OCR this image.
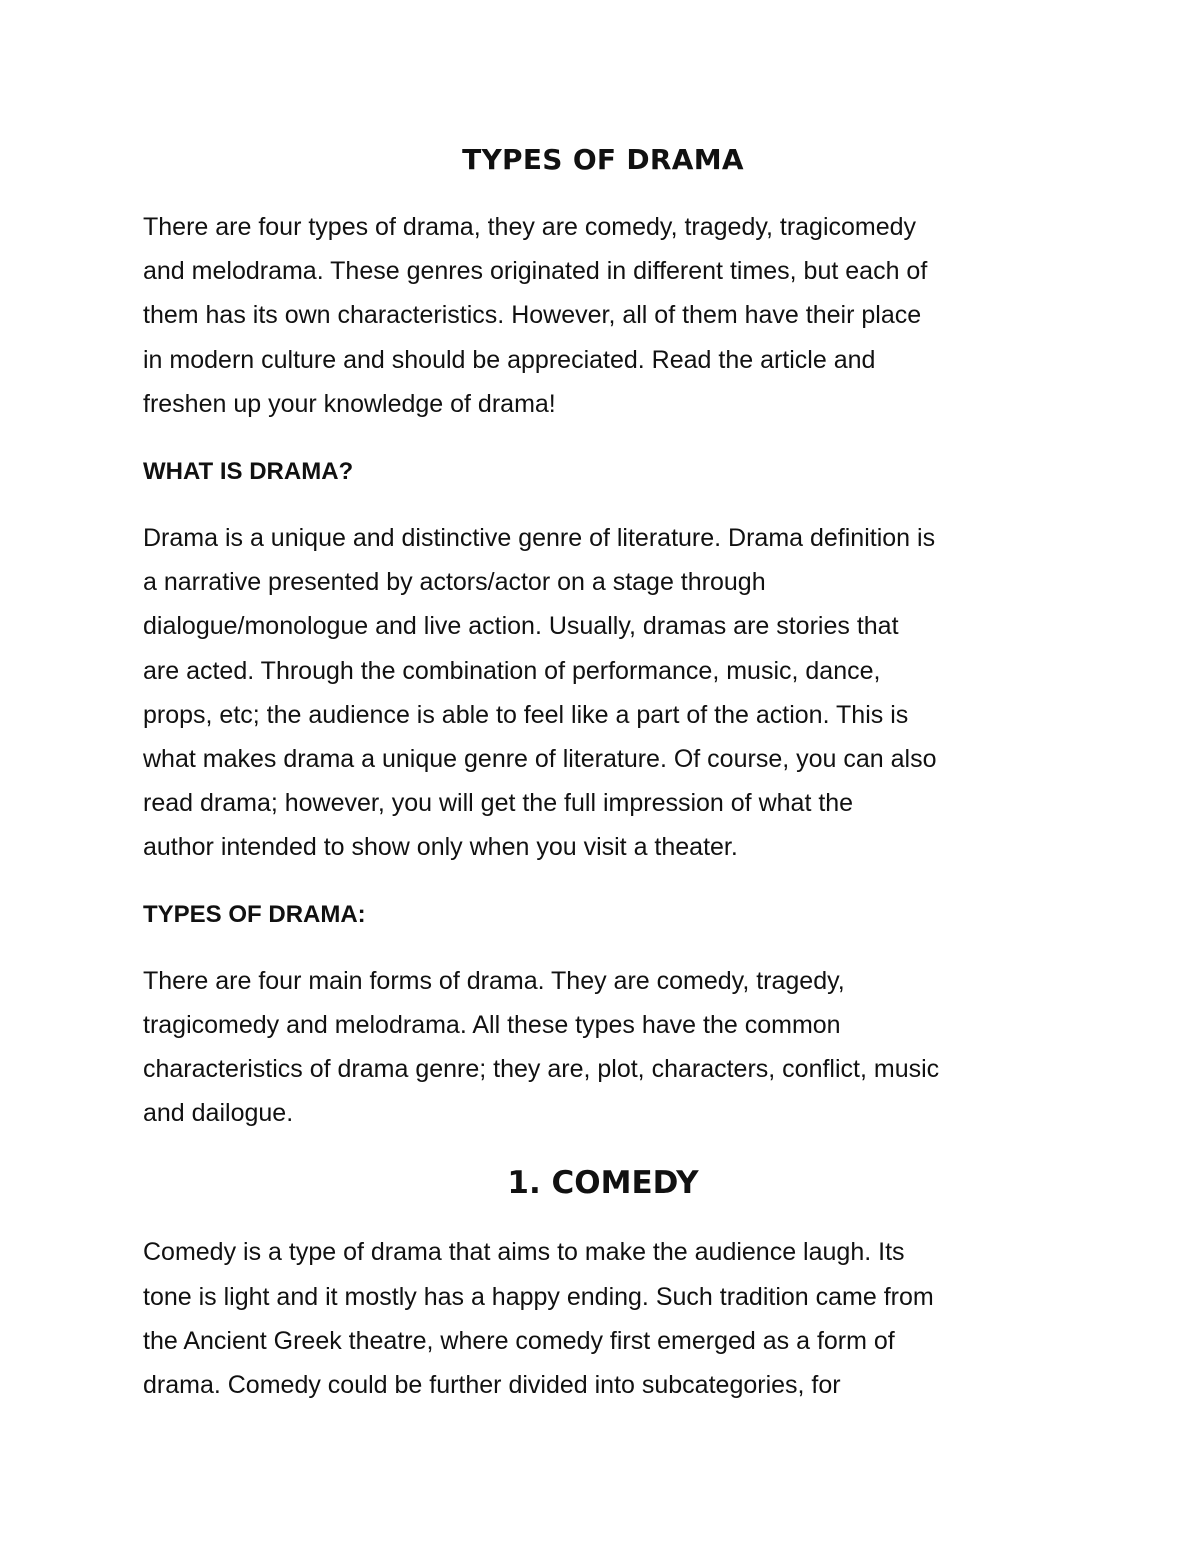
TYPES OF DRAMA

There are four types of drama, they are comedy, tragedy, tragicomedy
and melodrama. These genres originated in different times, but each of
them has its own characteristics. However, all of them have their place
in modern culture and should be appreciated. Read the article and
freshen up your knowledge of drama!

WHAT IS DRAMA?

Drama is a unique and distinctive genre of literature. Drama definition is
a narrative presented by actors/actor on a stage through
dialogue/monologue and live action. Usually, dramas are stories that
are acted. Through the combination of performance, music, dance,
props, etc; the audience is able to feel like a part of the action. This is
what makes drama a unique genre of literature. Of course, you can also
read drama; however, you will get the full impression of what the
author intended to show only when you visit a theater.

TYPES OF DRAMA:

There are four main forms of drama. They are comedy, tragedy,
tragicomedy and melodrama. All these types have the common
characteristics of drama genre; they are, plot, characters, conflict, music
and dailogue.

1. COMEDY

Comedy is a type of drama that aims to make the audience laugh. Its
tone is light and it mostly has a happy ending. Such tradition came from
the Ancient Greek theatre, where comedy first emerged as a form of
drama. Comedy could be further divided into subcategories, for
